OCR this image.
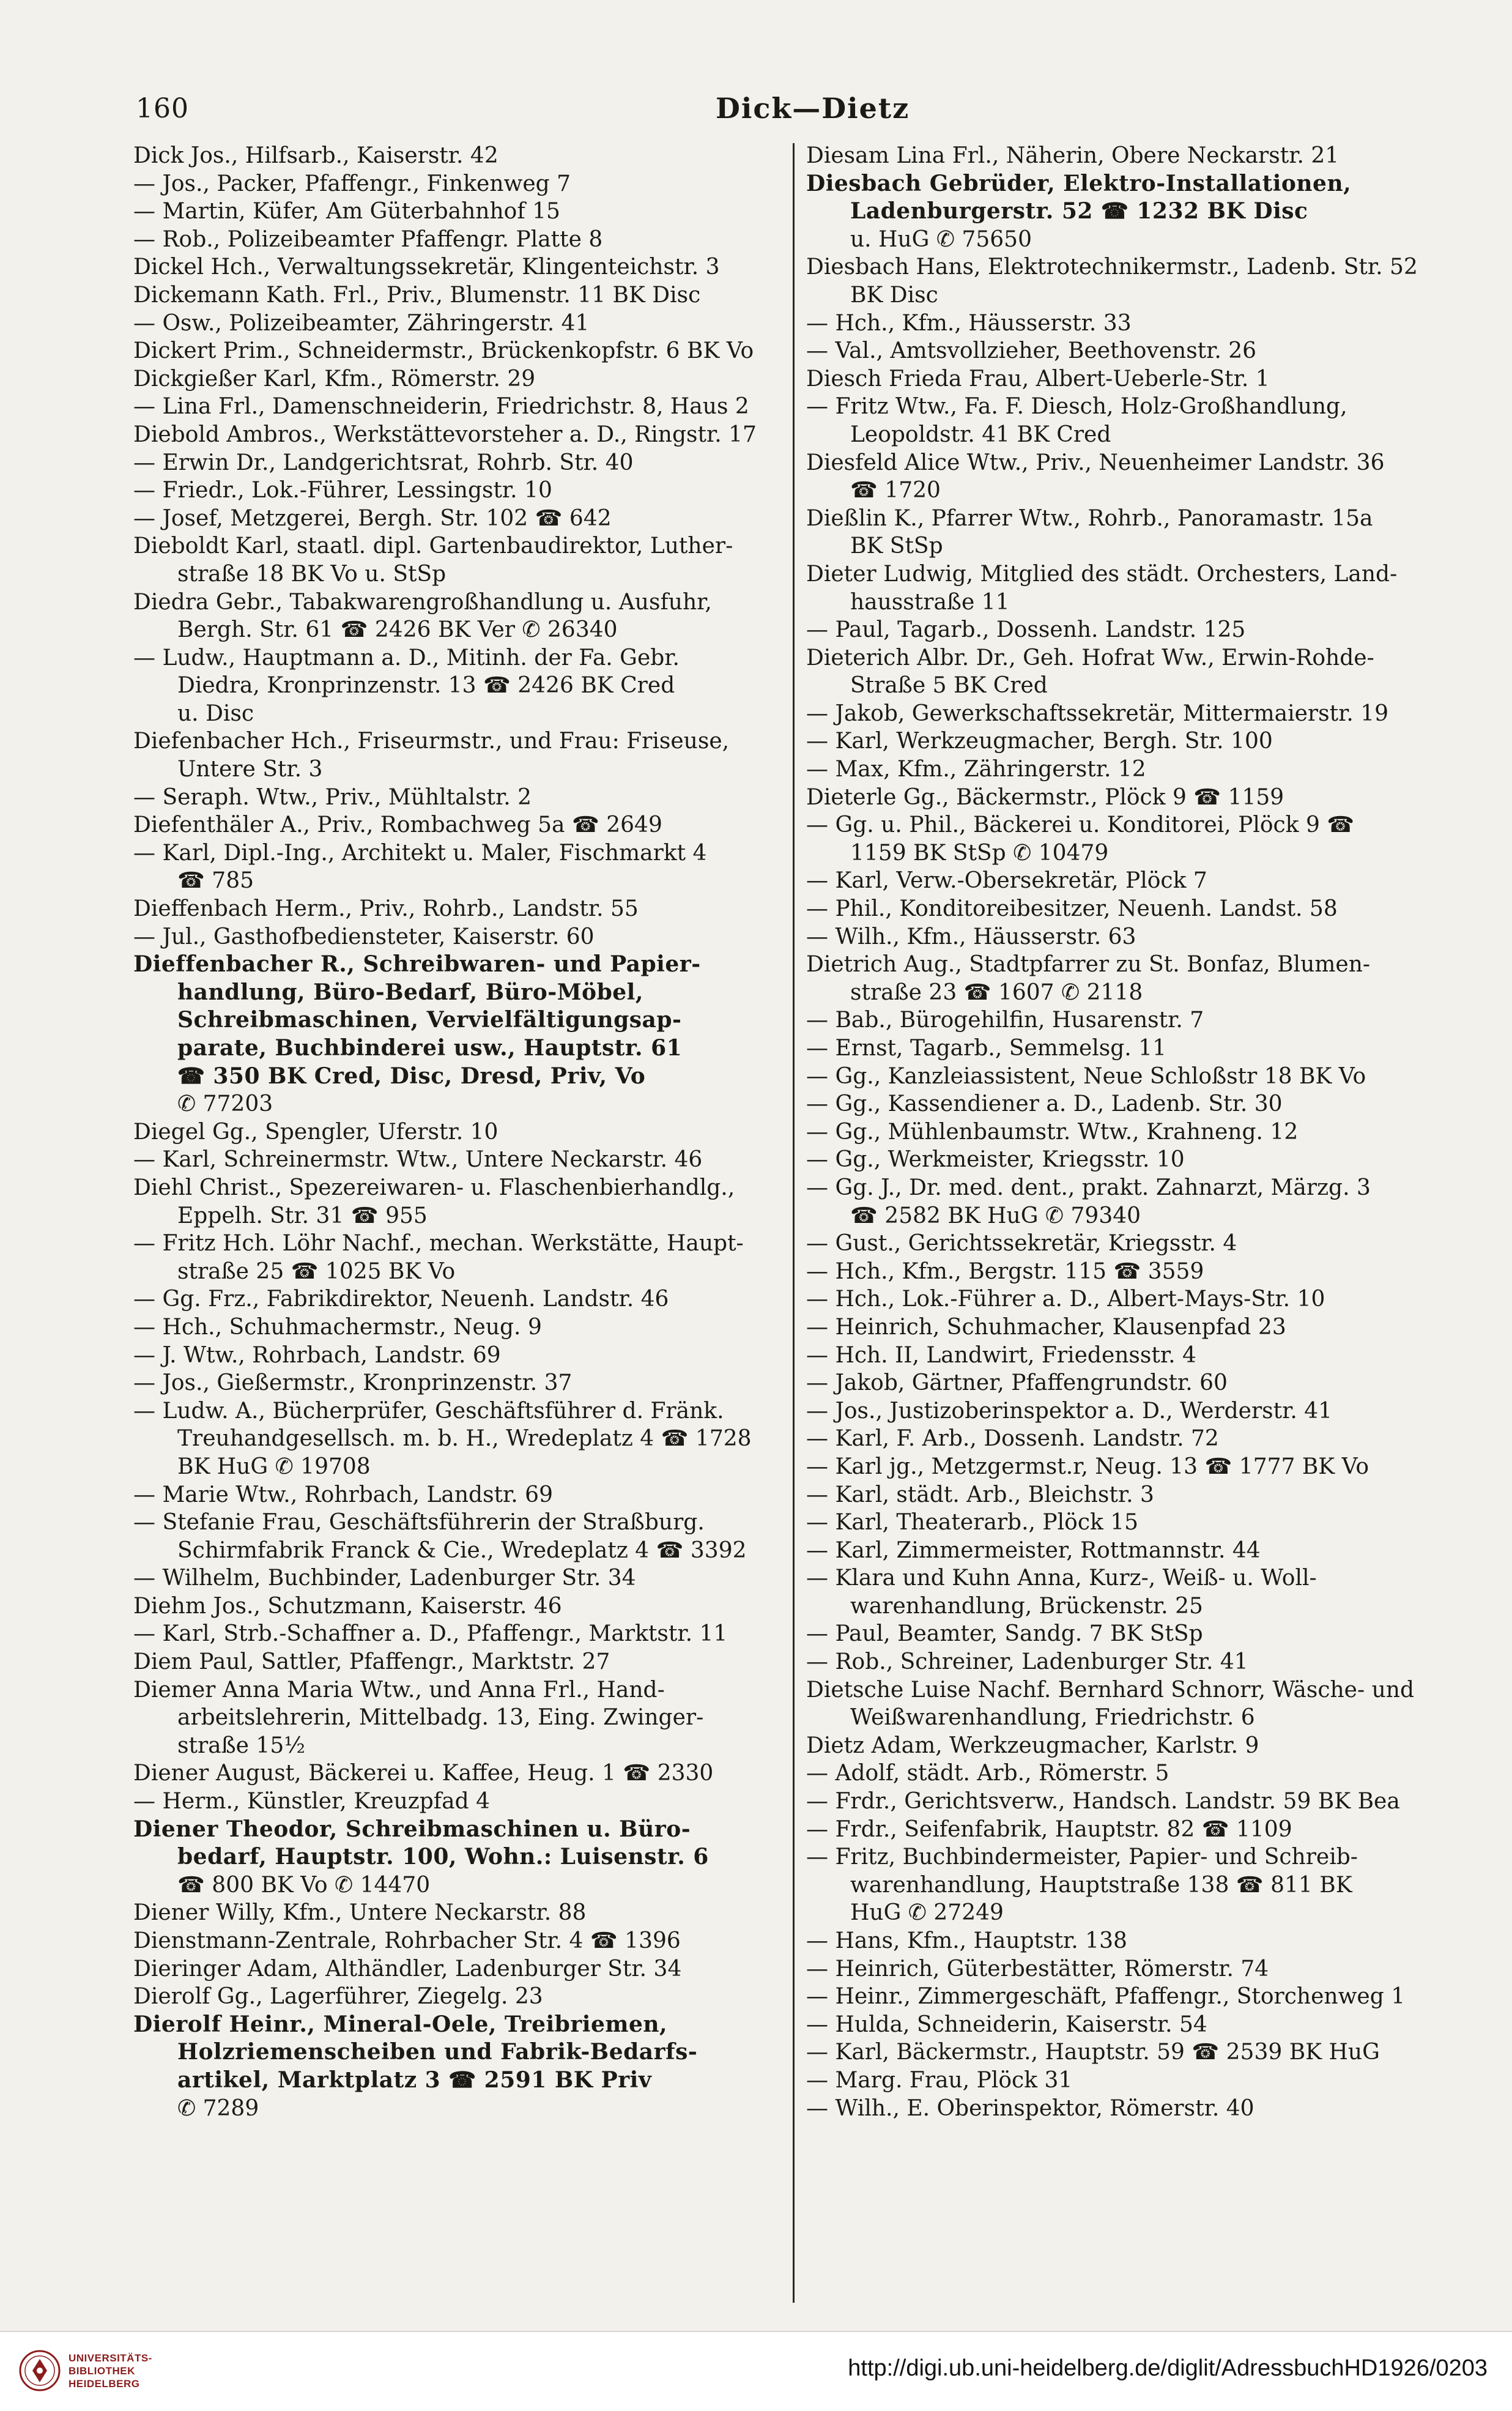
160	Dick—Dietz
Dick Jos., Hilfsarb., Kaiserstr. 42
— Jos., Packer, Pfaffengr., Finkenweg 7
— Martin, Küfer, Am Güterbahnhof 15
— Rob., Polizeibeamter Pfaffengr. Platte 8
Dickel Hch., Verwaltungssekretär, Klingenteichstr. 3
Dickemann Kath. Frl., Priv., Blumenstr. 11 BK Disc
— Osw., Polizeibeamter, Zähringerstr. 41
Dickert Prim., Schneidermstr., Brückenkopfstr. 6 BK Vo
Dickgießer Karl, Kfm., Römerstr. 29
— Lina Frl., Damenschneiderin, Friedrichstr. 8, Haus 2
Diebold Ambros., Werkstättevorsteher a. D., Ringstr. 17
— Erwin Dr., Landgerichtsrat, Rohrb. Str. 40
— Friedr., Lok.-Führer, Lessingstr. 10
— Josef, Metzgerei, Bergh. Str. 102 ☎ 642
Dieboldt Karl, staatl. dipl. Gartenbaudirektor, Luther-
straße 18 BK Vo u. StSp
Diedra Gebr., Tabakwarengroßhandlung u. Ausfuhr,
Bergh. Str. 61 ☎ 2426 BK Ver ✆ 26340
— Ludw., Hauptmann a. D., Mitinh. der Fa. Gebr.
Diedra, Kronprinzenstr. 13 ☎ 2426 BK Cred
u. Disc
Diefenbacher Hch., Friseurmstr., und Frau: Friseuse,
Untere Str. 3
— Seraph. Wtw., Priv., Mühltalstr. 2
Diefenthäler A., Priv., Rombachweg 5a ☎ 2649
— Karl, Dipl.-Ing., Architekt u. Maler, Fischmarkt 4
☎ 785
Dieffenbach Herm., Priv., Rohrb., Landstr. 55
— Jul., Gasthofbediensteter, Kaiserstr. 60
Dieffenbacher R., Schreibwaren- und Papier-
handlung, Büro-Bedarf, Büro-Möbel,
Schreibmaschinen, Vervielfältigungsap-
parate, Buchbinderei usw., Hauptstr. 61
☎ 350 BK Cred, Disc, Dresd, Priv, Vo
✆ 77203
Diegel Gg., Spengler, Uferstr. 10
— Karl, Schreinermstr. Wtw., Untere Neckarstr. 46
Diehl Christ., Spezereiwaren- u. Flaschenbierhandlg.,
Eppelh. Str. 31 ☎ 955
— Fritz Hch. Löhr Nachf., mechan. Werkstätte, Haupt-
straße 25 ☎ 1025 BK Vo
— Gg. Frz., Fabrikdirektor, Neuenh. Landstr. 46
— Hch., Schuhmachermstr., Neug. 9
— J. Wtw., Rohrbach, Landstr. 69
— Jos., Gießermstr., Kronprinzenstr. 37
— Ludw. A., Bücherprüfer, Geschäftsführer d. Fränk.
Treuhandgesellsch. m. b. H., Wredeplatz 4 ☎ 1728
BK HuG ✆ 19708
— Marie Wtw., Rohrbach, Landstr. 69
— Stefanie Frau, Geschäftsführerin der Straßburg.
Schirmfabrik Franck & Cie., Wredeplatz 4 ☎ 3392
— Wilhelm, Buchbinder, Ladenburger Str. 34
Diehm Jos., Schutzmann, Kaiserstr. 46
— Karl, Strb.-Schaffner a. D., Pfaffengr., Marktstr. 11
Diem Paul, Sattler, Pfaffengr., Marktstr. 27
Diemer Anna Maria Wtw., und Anna Frl., Hand-
arbeitslehrerin, Mittelbadg. 13, Eing. Zwinger-
straße 15½
Diener August, Bäckerei u. Kaffee, Heug. 1 ☎ 2330
— Herm., Künstler, Kreuzpfad 4
Diener Theodor, Schreibmaschinen u. Büro-
bedarf, Hauptstr. 100, Wohn.: Luisenstr. 6
☎ 800 BK Vo ✆ 14470
Diener Willy, Kfm., Untere Neckarstr. 88
Dienstmann-Zentrale, Rohrbacher Str. 4 ☎ 1396
Dieringer Adam, Althändler, Ladenburger Str. 34
Dierolf Gg., Lagerführer, Ziegelg. 23
Dierolf Heinr., Mineral-Oele, Treibriemen,
Holzriemenscheiben und Fabrik-Bedarfs-
artikel, Marktplatz 3 ☎ 2591 BK Priv
✆ 7289
Diesam Lina Frl., Näherin, Obere Neckarstr. 21
Diesbach Gebrüder, Elektro-Installationen,
Ladenburgerstr. 52 ☎ 1232 BK Disc
u. HuG ✆ 75650
Diesbach Hans, Elektrotechnikermstr., Ladenb. Str. 52
BK Disc
— Hch., Kfm., Häusserstr. 33
— Val., Amtsvollzieher, Beethovenstr. 26
Diesch Frieda Frau, Albert-Ueberle-Str. 1
— Fritz Wtw., Fa. F. Diesch, Holz-Großhandlung,
Leopoldstr. 41 BK Cred
Diesfeld Alice Wtw., Priv., Neuenheimer Landstr. 36
☎ 1720
Dießlin K., Pfarrer Wtw., Rohrb., Panoramastr. 15a
BK StSp
Dieter Ludwig, Mitglied des städt. Orchesters, Land-
hausstraße 11
— Paul, Tagarb., Dossenh. Landstr. 125
Dieterich Albr. Dr., Geh. Hofrat Ww., Erwin-Rohde-
Straße 5 BK Cred
— Jakob, Gewerkschaftssekretär, Mittermaierstr. 19
— Karl, Werkzeugmacher, Bergh. Str. 100
— Max, Kfm., Zähringerstr. 12
Dieterle Gg., Bäckermstr., Plöck 9 ☎ 1159
— Gg. u. Phil., Bäckerei u. Konditorei, Plöck 9 ☎
1159 BK StSp ✆ 10479
— Karl, Verw.-Obersekretär, Plöck 7
— Phil., Konditoreibesitzer, Neuenh. Landst. 58
— Wilh., Kfm., Häusserstr. 63
Dietrich Aug., Stadtpfarrer zu St. Bonfaz, Blumen-
straße 23 ☎ 1607 ✆ 2118
— Bab., Bürogehilfin, Husarenstr. 7
— Ernst, Tagarb., Semmelsg. 11
— Gg., Kanzleiassistent, Neue Schloßstr 18 BK Vo
— Gg., Kassendiener a. D., Ladenb. Str. 30
— Gg., Mühlenbaumstr. Wtw., Krahneng. 12
— Gg., Werkmeister, Kriegsstr. 10
— Gg. J., Dr. med. dent., prakt. Zahnarzt, Märzg. 3
☎ 2582 BK HuG ✆ 79340
— Gust., Gerichtssekretär, Kriegsstr. 4
— Hch., Kfm., Bergstr. 115 ☎ 3559
— Hch., Lok.-Führer a. D., Albert-Mays-Str. 10
— Heinrich, Schuhmacher, Klausenpfad 23
— Hch. II, Landwirt, Friedensstr. 4
— Jakob, Gärtner, Pfaffengrundstr. 60
— Jos., Justizoberinspektor a. D., Werderstr. 41
— Karl, F. Arb., Dossenh. Landstr. 72
— Karl jg., Metzgermst.r, Neug. 13 ☎ 1777 BK Vo
— Karl, städt. Arb., Bleichstr. 3
— Karl, Theaterarb., Plöck 15
— Karl, Zimmermeister, Rottmannstr. 44
— Klara und Kuhn Anna, Kurz-, Weiß- u. Woll-
warenhandlung, Brückenstr. 25
— Paul, Beamter, Sandg. 7 BK StSp
— Rob., Schreiner, Ladenburger Str. 41
Dietsche Luise Nachf. Bernhard Schnorr, Wäsche- und
Weißwarenhandlung, Friedrichstr. 6
Dietz Adam, Werkzeugmacher, Karlstr. 9
— Adolf, städt. Arb., Römerstr. 5
— Frdr., Gerichtsverw., Handsch. Landstr. 59 BK Bea
— Frdr., Seifenfabrik, Hauptstr. 82 ☎ 1109
— Fritz, Buchbindermeister, Papier- und Schreib-
warenhandlung, Hauptstraße 138 ☎ 811 BK
HuG ✆ 27249
— Hans, Kfm., Hauptstr. 138
— Heinrich, Güterbestätter, Römerstr. 74
— Heinr., Zimmergeschäft, Pfaffengr., Storchenweg 1
— Hulda, Schneiderin, Kaiserstr. 54
— Karl, Bäckermstr., Hauptstr. 59 ☎ 2539 BK HuG
— Marg. Frau, Plöck 31
— Wilh., E. Oberinspektor, Römerstr. 40
UNIVERSITÄTS-
BIBLIOTHEK
HEIDELBERG
http://digi.ub.uni-heidelberg.de/diglit/AdressbuchHD1926/0203
